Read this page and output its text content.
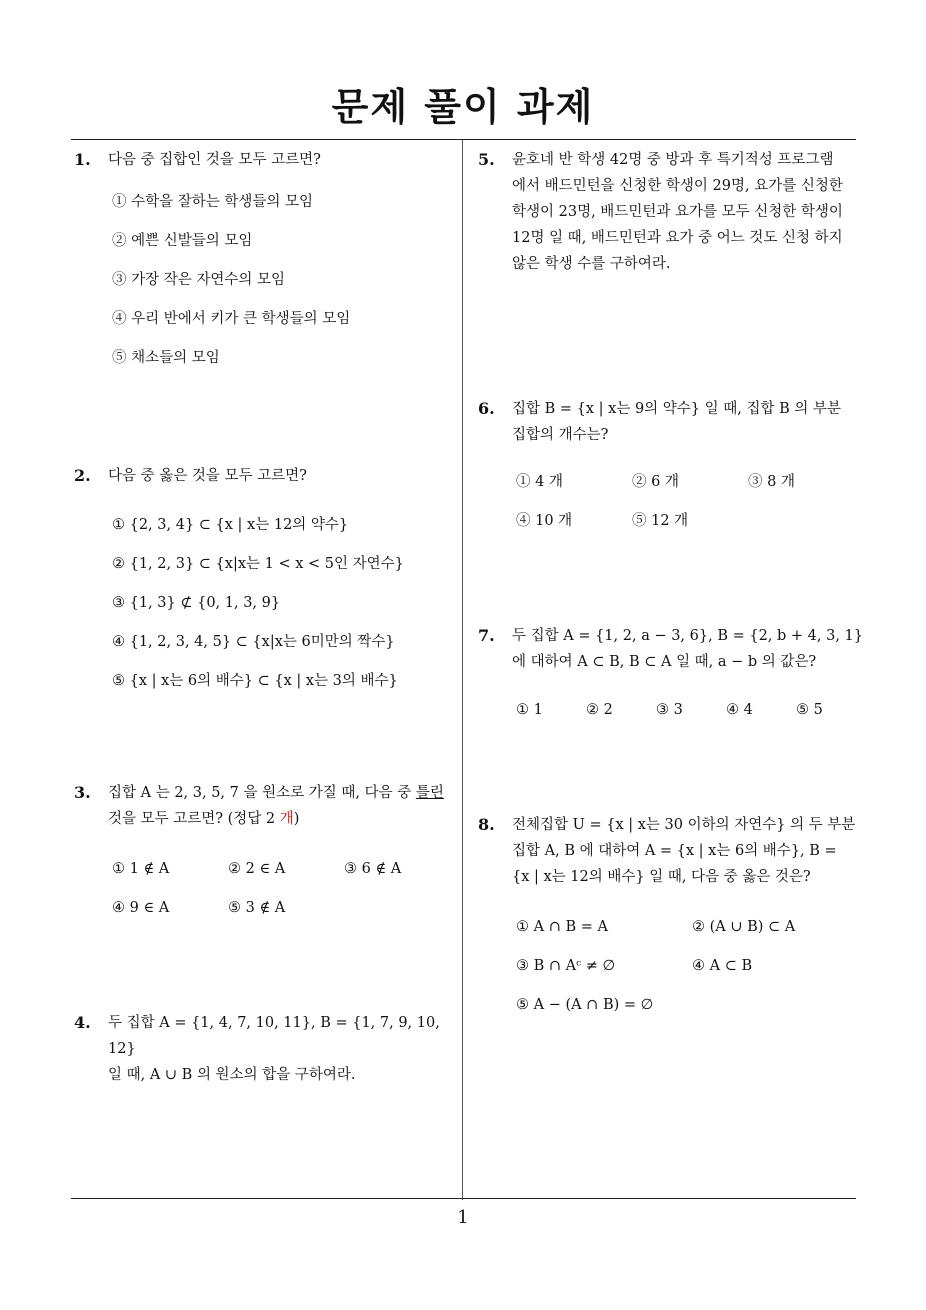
문제 풀이 과제
1. 다음 중 집합인 것을 모두 고르면?
① 수학을 잘하는 학생들의 모임
② 예쁜 신발들의 모임
③ 가장 작은 자연수의 모임
④ 우리 반에서 키가 큰 학생들의 모임
⑤ 채소들의 모임
2. 다음 중 옳은 것을 모두 고르면?
① {2, 3, 4} ⊂ {x | x는 12의 약수}
② {1, 2, 3} ⊂ {x|x는 1 < x < 5인 자연수}
③ {1, 3} ⊄ {0, 1, 3, 9}
④ {1, 2, 3, 4, 5} ⊂ {x|x는 6미만의 짝수}
⑤ {x | x는 6의 배수} ⊂ {x | x는 3의 배수}
3. 집합 A 는 2, 3, 5, 7 을 원소로 가질 때, 다음 중 틀린
것을 모두 고르면? (정답 2 개)
① 1 ∉ A	② 2 ∈ A	③ 6 ∉ A
④ 9 ∈ A	⑤ 3 ∉ A
4. 두 집합 A = {1, 4, 7, 10, 11}, B = {1, 7, 9, 10, 12}
일 때, A ∪ B 의 원소의 합을 구하여라.
5. 윤호네 반 학생 42명 중 방과 후 특기적성 프로그램
에서 배드민턴을 신청한 학생이 29명, 요가를 신청한
학생이 23명, 배드민턴과 요가를 모두 신청한 학생이
12명 일 때, 배드민턴과 요가 중 어느 것도 신청 하지
않은 학생 수를 구하여라.
6. 집합 B = {x | x는 9의 약수} 일 때, 집합 B 의 부분
집합의 개수는?
① 4 개	② 6 개	③ 8 개
④ 10 개	⑤ 12 개
7. 두 집합 A = {1, 2, a − 3, 6}, B = {2, b + 4, 3, 1}
에 대하여 A ⊂ B, B ⊂ A 일 때, a − b 의 값은?
① 1	② 2	③ 3	④ 4	⑤ 5
8. 전체집합 U = {x | x는 30 이하의 자연수} 의 두 부분
집합 A, B 에 대하여 A = {x | x는 6의 배수}, B =
{x | x는 12의 배수} 일 때, 다음 중 옳은 것은?
① A ∩ B = A	② (A ∪ B) ⊂ A
③ B ∩ Aᶜ ≠ ∅	④ A ⊂ B
⑤ A − (A ∩ B) = ∅
1
